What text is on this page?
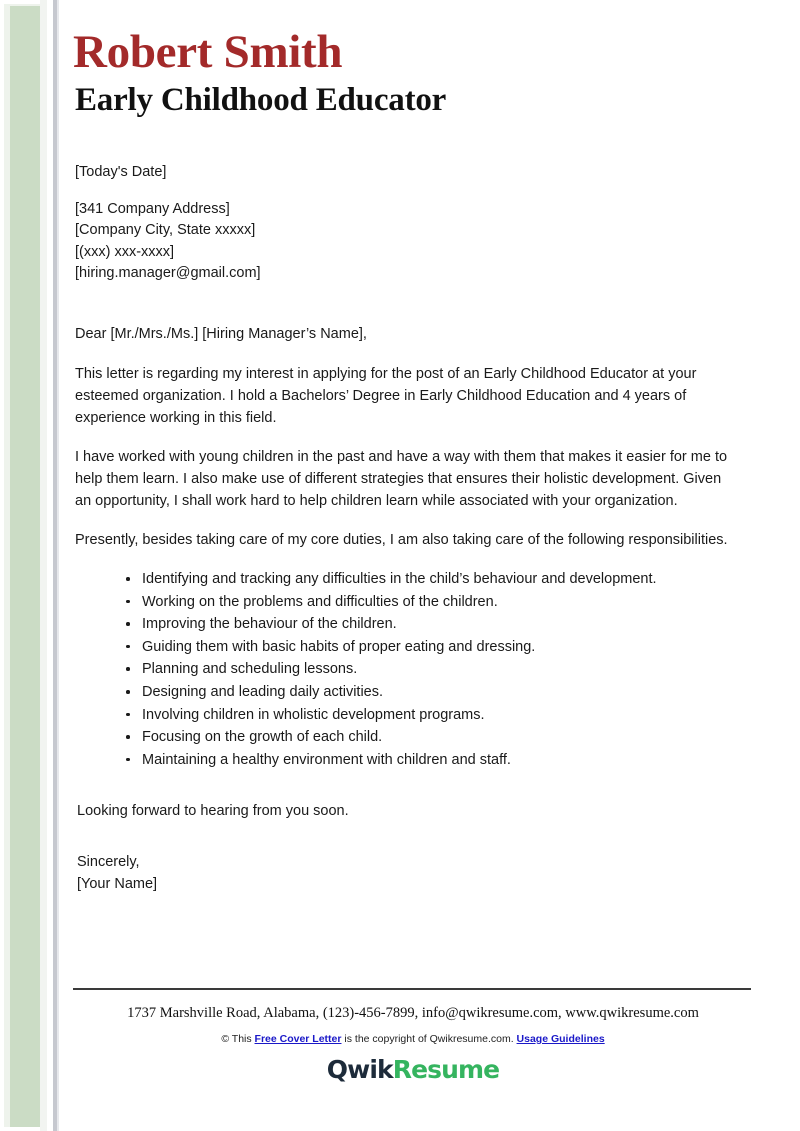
Robert Smith
Early Childhood Educator

[Today's Date]

[341 Company Address]
[Company City, State xxxxx]
[(xxx) xxx-xxxx]
[hiring.manager@gmail.com]

Dear [Mr./Mrs./Ms.] [Hiring Manager’s Name],

This letter is regarding my interest in applying for the post of an Early Childhood Educator at your esteemed organization. I hold a Bachelors’ Degree in Early Childhood Education and 4 years of experience working in this field.

I have worked with young children in the past and have a way with them that makes it easier for me to help them learn. I also make use of different strategies that ensures their holistic development. Given an opportunity, I shall work hard to help children learn while associated with your organization.

Presently, besides taking care of my core duties, I am also taking care of the following responsibilities.

Identifying and tracking any difficulties in the child’s behaviour and development.
Working on the problems and difficulties of the children.
Improving the behaviour of the children.
Guiding them with basic habits of proper eating and dressing.
Planning and scheduling lessons.
Designing and leading daily activities.
Involving children in wholistic development programs.
Focusing on the growth of each child.
Maintaining a healthy environment with children and staff.

Looking forward to hearing from you soon.

Sincerely,
[Your Name]

1737 Marshville Road, Alabama, (123)-456-7899, info@qwikresume.com, www.qwikresume.com

© This Free Cover Letter is the copyright of Qwikresume.com. Usage Guidelines

QwikResume
